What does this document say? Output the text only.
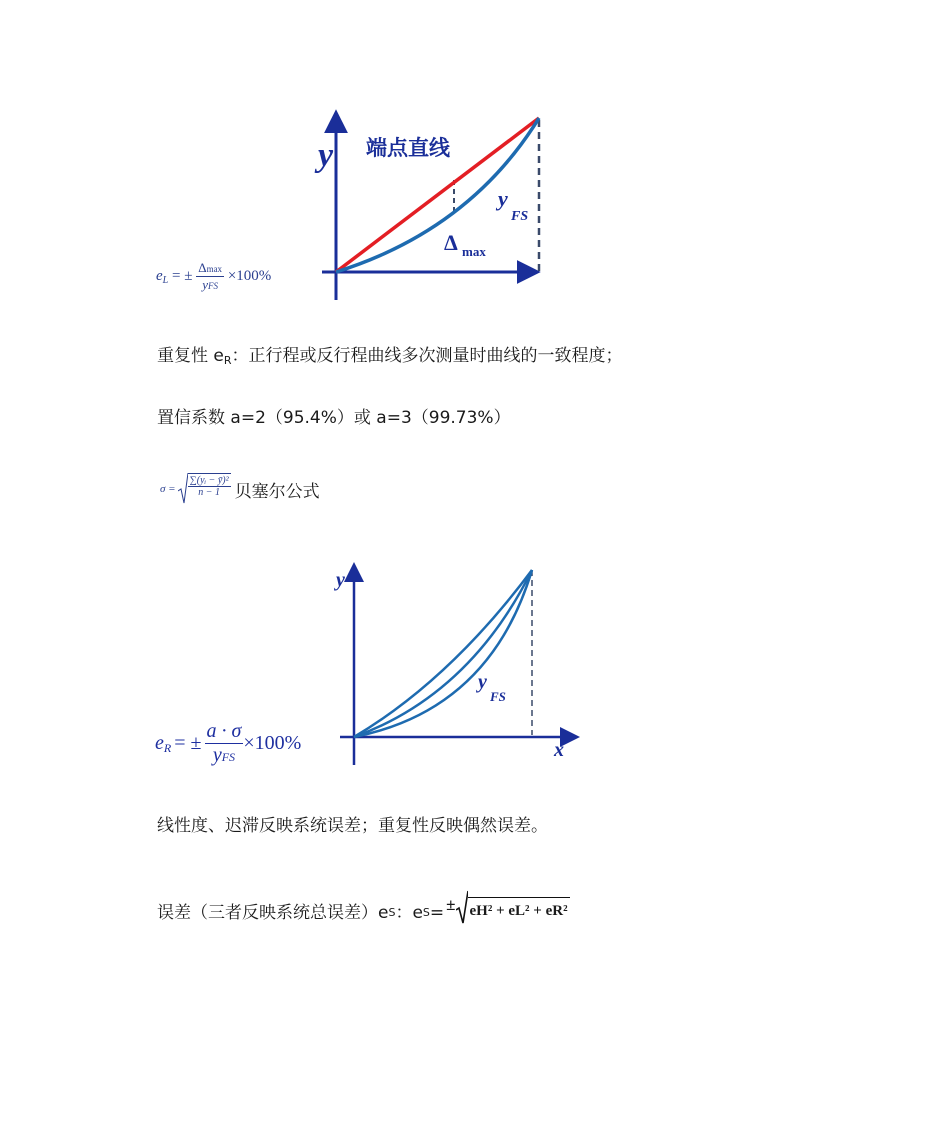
y 端点直线
y
FS
Δ max
$e_L$ = ± $\frac{\Delta\max}{\text{yFS}} \times 100\%$
重复性 $e_R$：正行程或反行程曲线多次测量时曲线的一致程度；
置信系数 a=2（95.4%）或 a=3（99.73%）
$\sigma = \frac{\text{∑(yᵢ − ȳ)²}}{n - 1}$ 贝塞尔公式
y
x
y
FS
e R = ± $\frac{a \cdot \sigma}{\text{yFS}} \times 100\%$
线性度、迟滞反映系统误差；重复性反映偶然误差。
误差（三者反映系统总误差）e S ：e S = ± eH² + eL² + eR²
